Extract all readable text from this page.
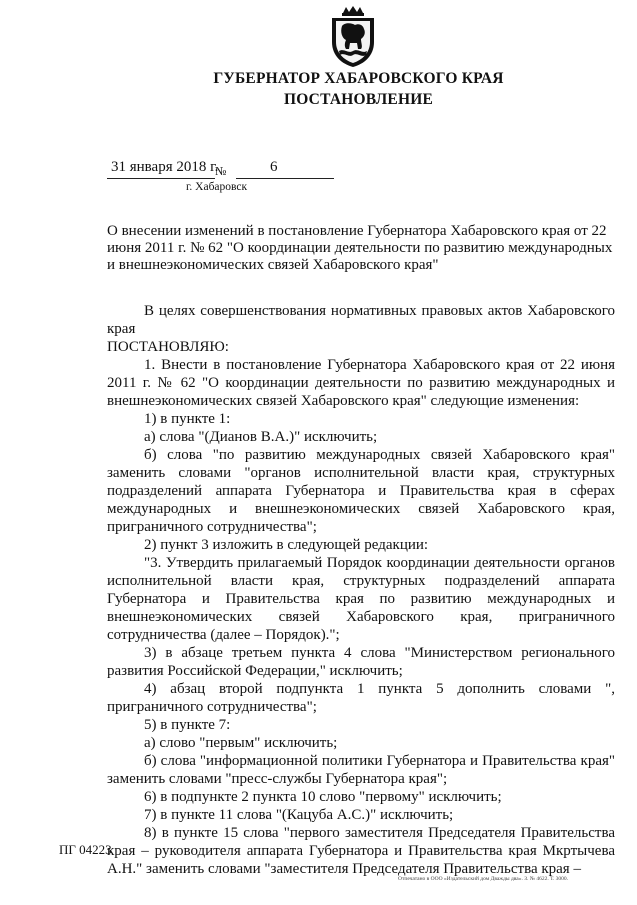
ГУБЕРНАТОР ХАБАРОВСКОГО КРАЯ
ПОСТАНОВЛЕНИЕ
31 января 2018 г.
№	6
г. Хабаровск

О внесении изменений в постановление Губернатора Хабаровского края от 22 июня 2011 г. № 62 "О координации деятельности по развитию международных и внешнеэкономических связей Хабаровского края"

В целях совершенствования нормативных правовых актов Хабаровского края

ПОСТАНОВЛЯЮ:

1. Внести в постановление Губернатора Хабаровского края от 22 июня 2011 г. № 62 "О координации деятельности по развитию международных и внешнеэкономических связей Хабаровского края" следующие изменения:

1) в пункте 1:

а) слова "(Дианов В.А.)" исключить;

б) слова "по развитию международных связей Хабаровского края" заменить словами "органов исполнительной власти края, структурных подразделений аппарата Губернатора и Правительства края в сферах международных и внешнеэкономических связей Хабаровского края, приграничного сотрудничества";

2) пункт 3 изложить в следующей редакции:

"3. Утвердить прилагаемый Порядок координации деятельности органов исполнительной власти края, структурных подразделений аппарата Губернатора и Правительства края по развитию международных и внешнеэкономических связей Хабаровского края, приграничного сотрудничества (далее – Порядок).";

3) в абзаце третьем пункта 4 слова "Министерством регионального развития Российской Федерации," исключить;

4) абзац второй подпункта 1 пункта 5 дополнить словами ", приграничного сотрудничества";

5) в пункте 7:

а) слово "первым" исключить;

б) слова "информационной политики Губернатора и Правительства края" заменить словами "пресс-службы Губернатора края";

6) в подпункте 2 пункта 10 слово "первому" исключить;

7) в пункте 11 слова "(Кацуба А.С.)" исключить;

8) в пункте 15 слова "первого заместителя Председателя Правительства края – руководителя аппарата Губернатора и Правительства края Мкртычева А.Н." заменить словами "заместителя Председателя Правительства края –

ПГ 04223
Отпечатано в ООО «Издательский дом Дважды два». З. № 4622. Т. 3000.
